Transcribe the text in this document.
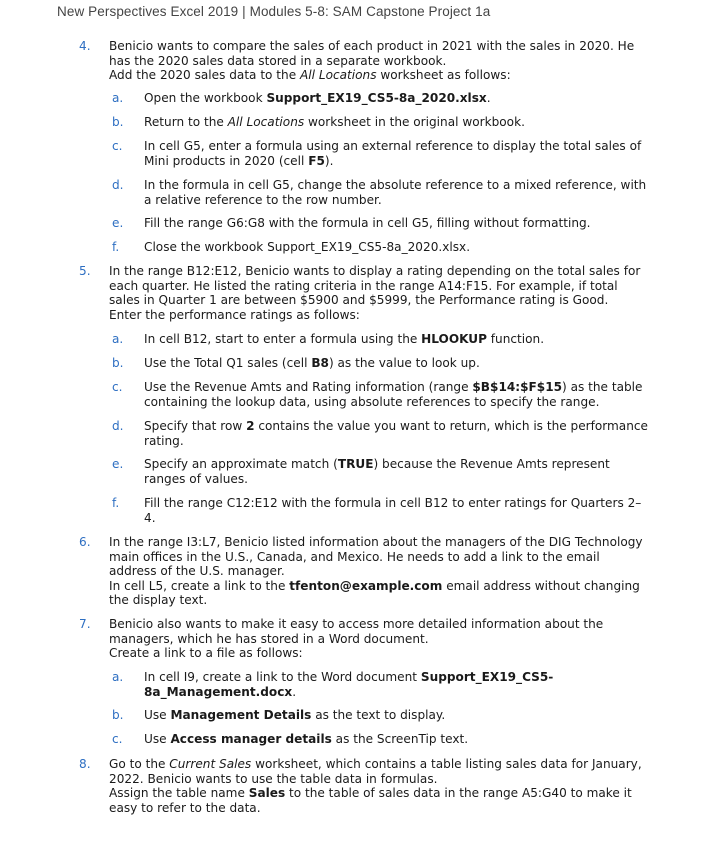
New Perspectives Excel 2019 | Modules 5-8: SAM Capstone Project 1a
4. Benicio wants to compare the sales of each product in 2021 with the sales in 2020. He
has the 2020 sales data stored in a separate workbook.
Add the 2020 sales data to the All Locations worksheet as follows:
a. Open the workbook Support_EX19_CS5-8a_2020.xlsx.
b. Return to the All Locations worksheet in the original workbook.
c. In cell G5, enter a formula using an external reference to display the total sales of
Mini products in 2020 (cell F5).
d. In the formula in cell G5, change the absolute reference to a mixed reference, with
a relative reference to the row number.
e. Fill the range G6:G8 with the formula in cell G5, filling without formatting.
f. Close the workbook Support_EX19_CS5-8a_2020.xlsx.
5. In the range B12:E12, Benicio wants to display a rating depending on the total sales for
each quarter. He listed the rating criteria in the range A14:F15. For example, if total
sales in Quarter 1 are between $5900 and $5999, the Performance rating is Good.
Enter the performance ratings as follows:
a. In cell B12, start to enter a formula using the HLOOKUP function.
b. Use the Total Q1 sales (cell B8) as the value to look up.
c. Use the Revenue Amts and Rating information (range $B$14:$F$15) as the table
containing the lookup data, using absolute references to specify the range.
d. Specify that row 2 contains the value you want to return, which is the performance
rating.
e. Specify an approximate match (TRUE) because the Revenue Amts represent
ranges of values.
f. Fill the range C12:E12 with the formula in cell B12 to enter ratings for Quarters 2–
4.
6. In the range I3:L7, Benicio listed information about the managers of the DIG Technology
main offices in the U.S., Canada, and Mexico. He needs to add a link to the email
address of the U.S. manager.
In cell L5, create a link to the tfenton@example.com email address without changing
the display text.
7. Benicio also wants to make it easy to access more detailed information about the
managers, which he has stored in a Word document.
Create a link to a file as follows:
a. In cell I9, create a link to the Word document Support_EX19_CS5-
8a_Management.docx.
b. Use Management Details as the text to display.
c. Use Access manager details as the ScreenTip text.
8. Go to the Current Sales worksheet, which contains a table listing sales data for January,
2022. Benicio wants to use the table data in formulas.
Assign the table name Sales to the table of sales data in the range A5:G40 to make it
easy to refer to the data.
